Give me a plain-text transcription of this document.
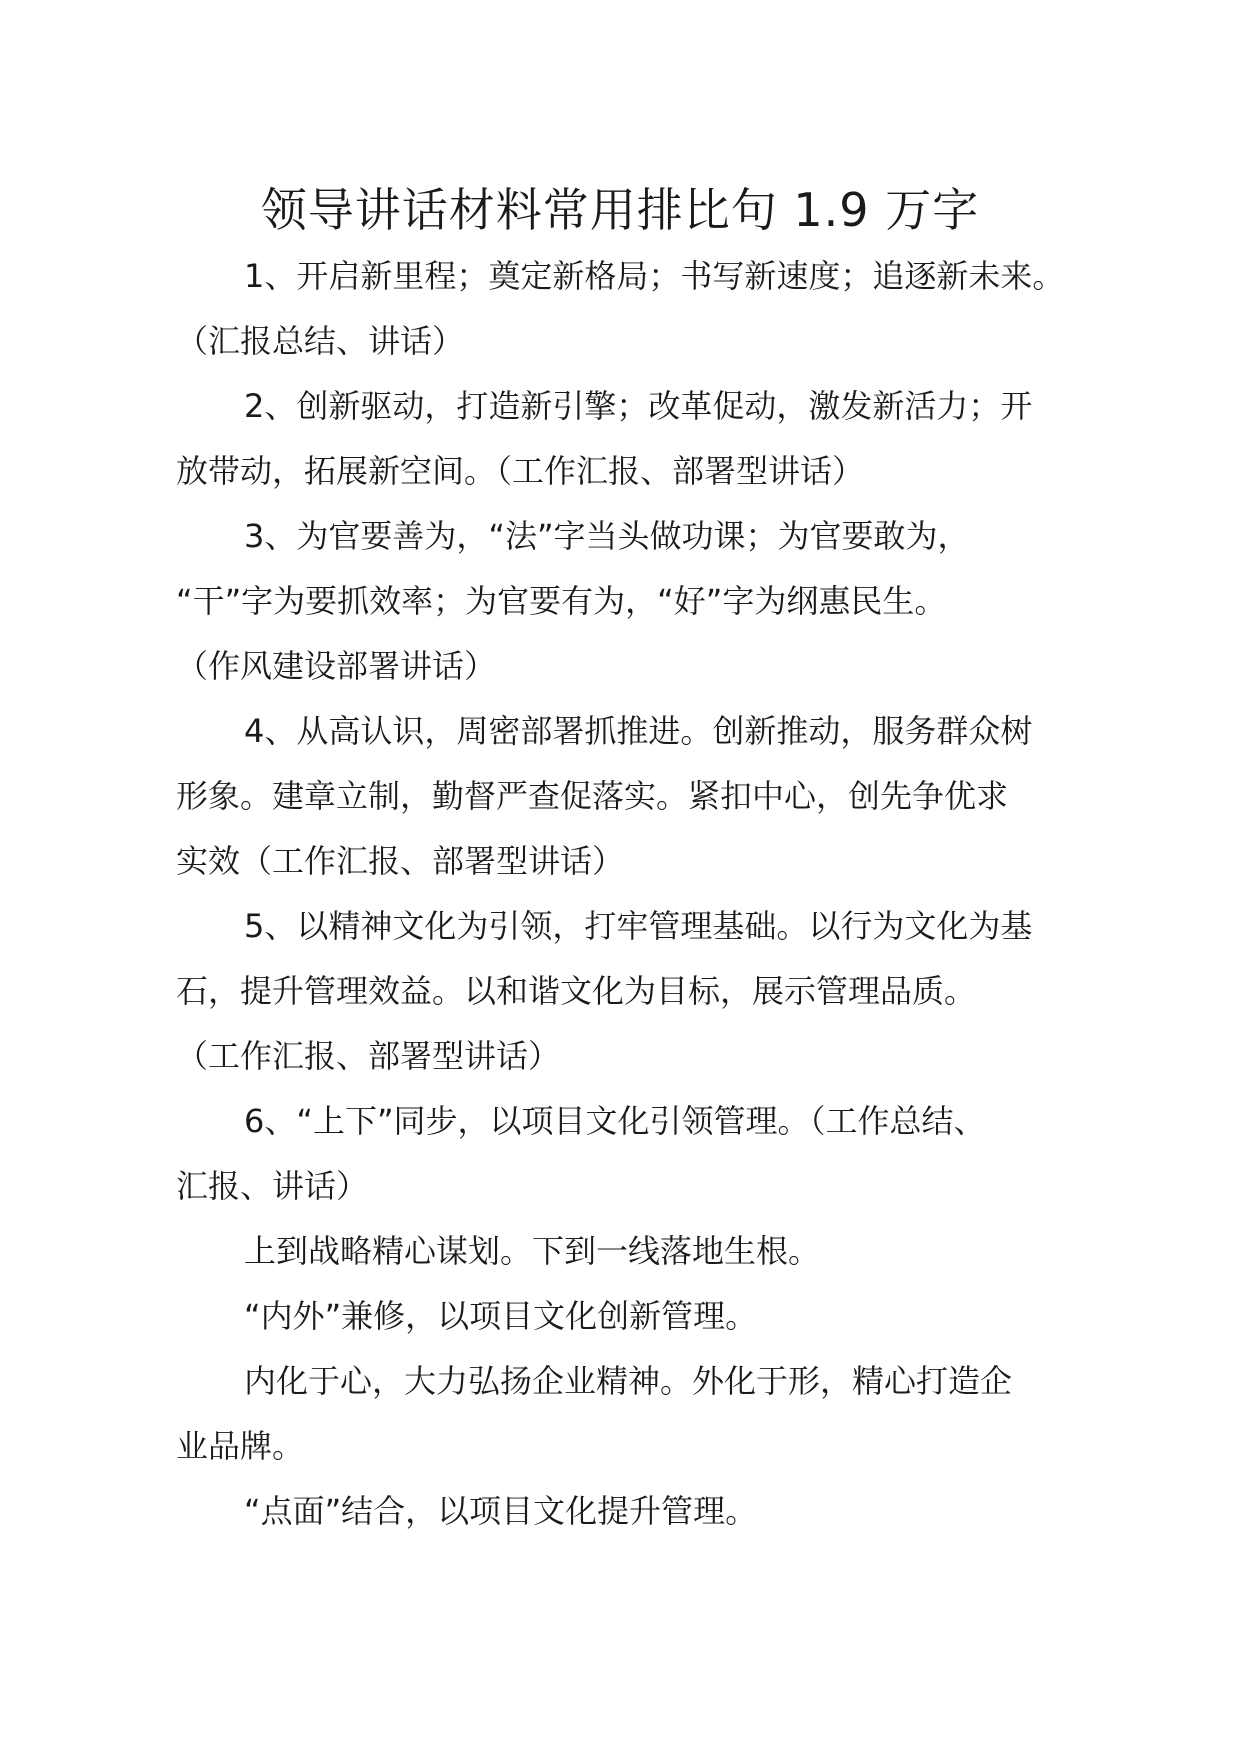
领导讲话材料常用排比句 1.9 万字
1、开启新里程；奠定新格局；书写新速度；追逐新未来。
（汇报总结、讲话）
2、创新驱动，打造新引擎；改革促动，激发新活力；开
放带动，拓展新空间。（工作汇报、部署型讲话）
3、为官要善为，“法”字当头做功课；为官要敢为，
“干”字为要抓效率；为官要有为，“好”字为纲惠民生。
（作风建设部署讲话）
4、从高认识，周密部署抓推进。创新推动，服务群众树
形象。建章立制，勤督严查促落实。紧扣中心，创先争优求
实效（工作汇报、部署型讲话）
5、以精神文化为引领，打牢管理基础。以行为文化为基
石，提升管理效益。以和谐文化为目标，展示管理品质。
（工作汇报、部署型讲话）
6、“上下”同步，以项目文化引领管理。（工作总结、
汇报、讲话）
上到战略精心谋划。下到一线落地生根。
“内外”兼修，以项目文化创新管理。
内化于心，大力弘扬企业精神。外化于形，精心打造企
业品牌。
“点面”结合，以项目文化提升管理。
